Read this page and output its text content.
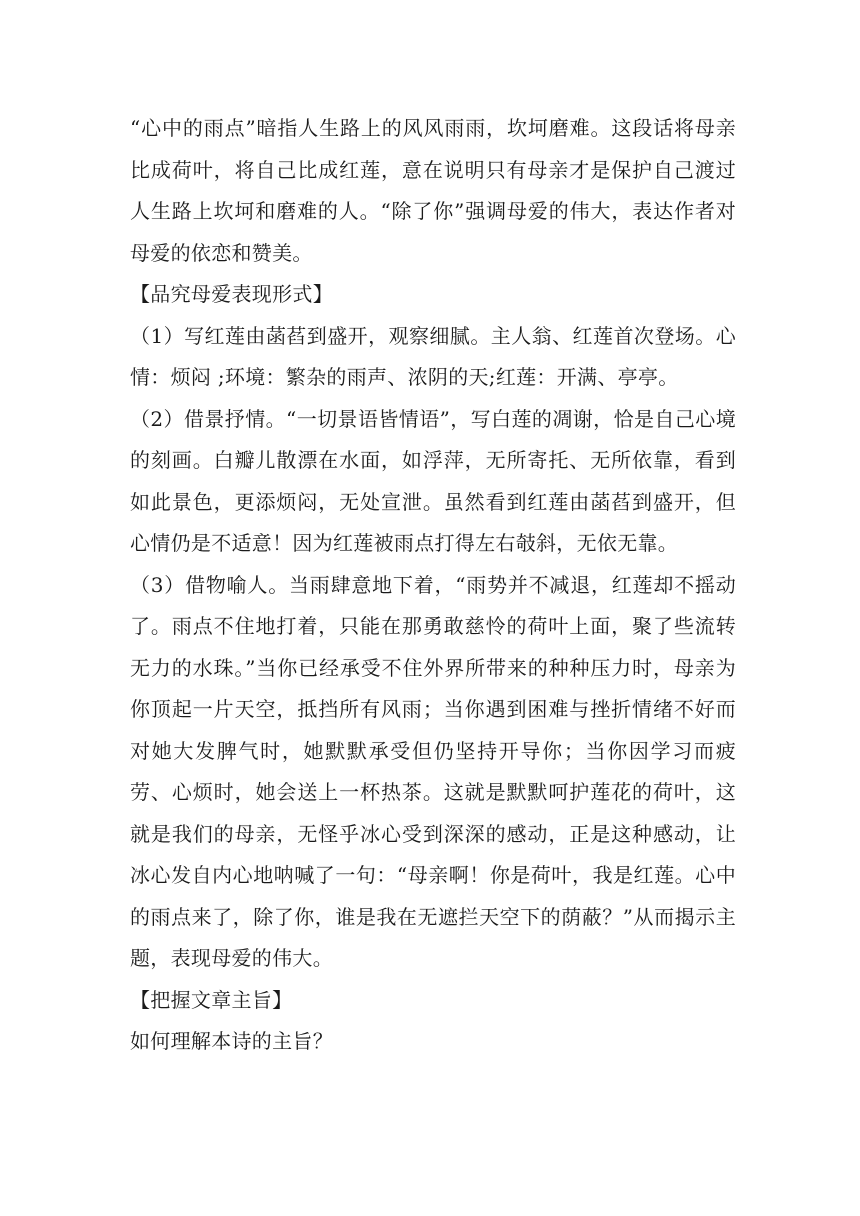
“心中的雨点”暗指人生路上的风风雨雨，坎坷磨难。这段话将母亲比成荷叶，将自己比成红莲，意在说明只有母亲才是保护自己渡过人生路上坎坷和磨难的人。“除了你”强调母爱的伟大，表达作者对母爱的依恋和赞美。

【品究母爱表现形式】

（1）写红莲由菡萏到盛开，观察细腻。主人翁、红莲首次登场。心情：烦闷 ;环境：繁杂的雨声、浓阴的天;红莲：开满、亭亭。

（2）借景抒情。“一切景语皆情语”，写白莲的凋谢，恰是自己心境的刻画。白瓣儿散漂在水面，如浮萍，无所寄托、无所依靠，看到如此景色，更添烦闷，无处宣泄。虽然看到红莲由菡萏到盛开，但心情仍是不适意！因为红莲被雨点打得左右攲斜，无依无靠。

（3）借物喻人。当雨肆意地下着，“雨势并不减退，红莲却不摇动了。雨点不住地打着，只能在那勇敢慈怜的荷叶上面，聚了些流转无力的水珠。”当你已经承受不住外界所带来的种种压力时，母亲为你顶起一片天空，抵挡所有风雨；当你遇到困难与挫折情绪不好而对她大发脾气时，她默默承受但仍坚持开导你；当你因学习而疲劳、心烦时，她会送上一杯热茶。这就是默默呵护莲花的荷叶，这就是我们的母亲，无怪乎冰心受到深深的感动，正是这种感动，让冰心发自内心地呐喊了一句：“母亲啊！你是荷叶，我是红莲。心中的雨点来了，除了你，谁是我在无遮拦天空下的荫蔽？”从而揭示主题，表现母爱的伟大。

【把握文章主旨】

如何理解本诗的主旨？
